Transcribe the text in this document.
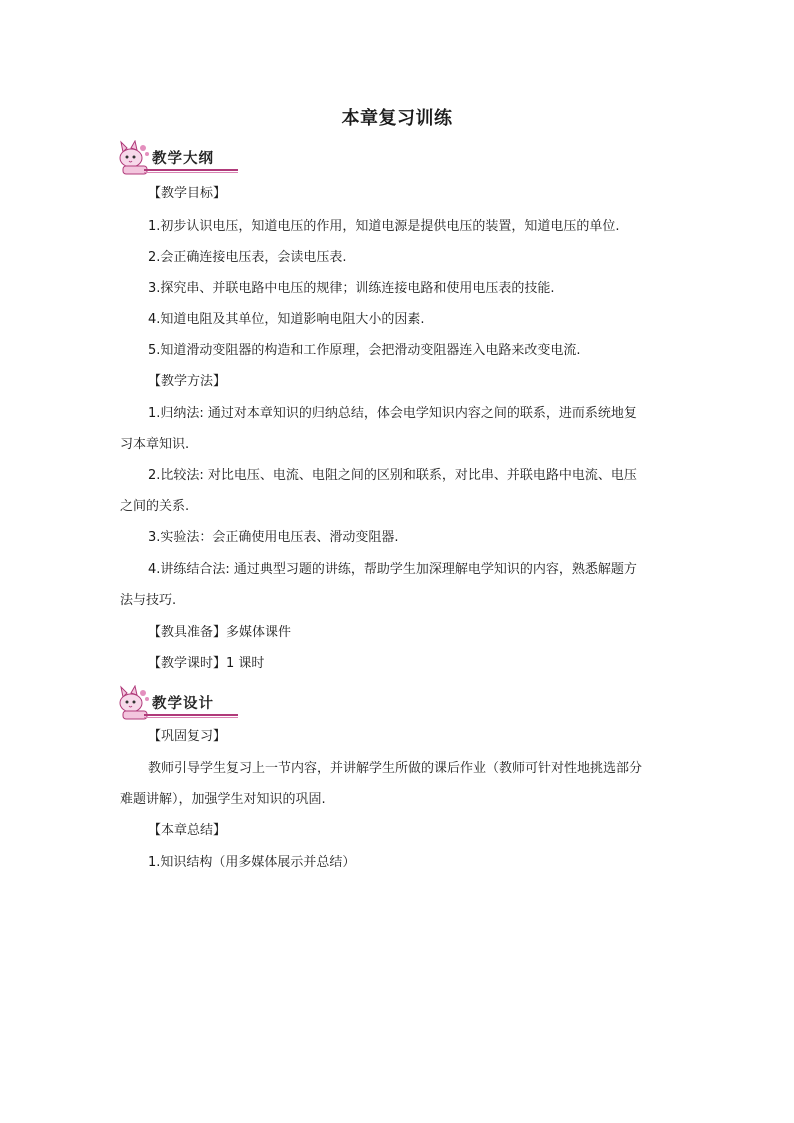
本章复习训练
教学大纲
【教学目标】
1.初步认识电压，知道电压的作用，知道电源是提供电压的装置，知道电压的单位.
2.会正确连接电压表，会读电压表.
3.探究串、并联电路中电压的规律；训练连接电路和使用电压表的技能.
4.知道电阻及其单位，知道影响电阻大小的因素.
5.知道滑动变阻器的构造和工作原理，会把滑动变阻器连入电路来改变电流.
【教学方法】
1.归纳法: 通过对本章知识的归纳总结，体会电学知识内容之间的联系，进而系统地复
习本章知识.
2.比较法: 对比电压、电流、电阻之间的区别和联系，对比串、并联电路中电流、电压
之间的关系.
3.实验法：会正确使用电压表、滑动变阻器.
4.讲练结合法: 通过典型习题的讲练，帮助学生加深理解电学知识的内容，熟悉解题方
法与技巧.
【教具准备】多媒体课件
【教学课时】1 课时
教学设计
【巩固复习】
教师引导学生复习上一节内容，并讲解学生所做的课后作业（教师可针对性地挑选部分
难题讲解），加强学生对知识的巩固.
【本章总结】
1.知识结构（用多媒体展示并总结）
